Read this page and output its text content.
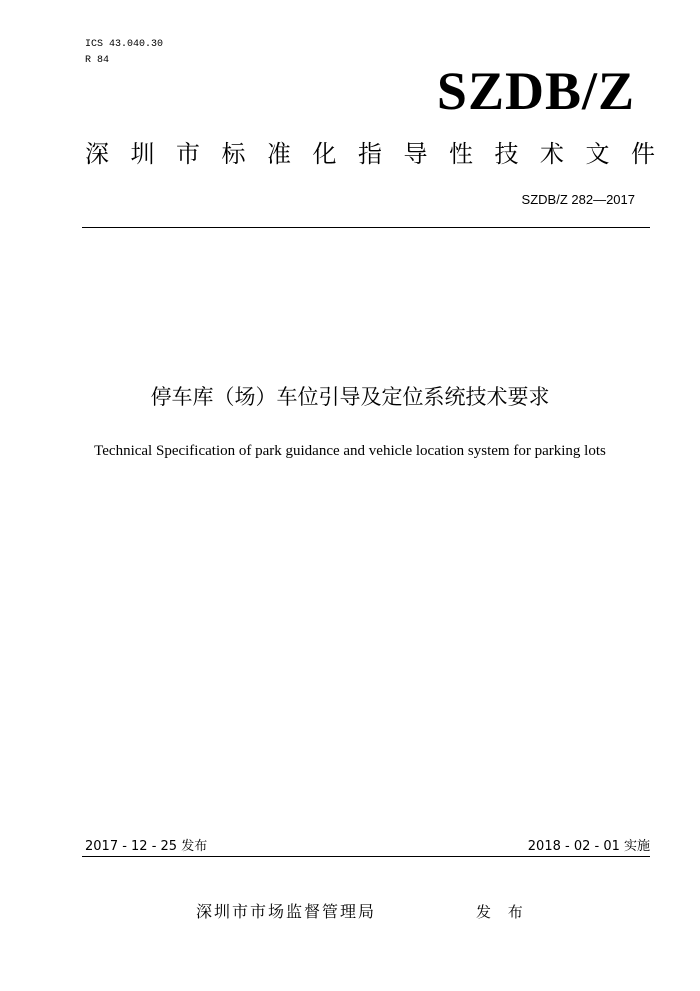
ICS 43.040.30
R 84
SZDB/Z
深 圳 市 标 准 化 指 导 性 技 术 文 件
SZDB/Z 282—2017
停车库（场）车位引导及定位系统技术要求
Technical Specification of park guidance and vehicle location system for parking lots
2017 - 12 - 25 发布	2018 - 02 - 01 实施
深圳市市场监督管理局	发 布
